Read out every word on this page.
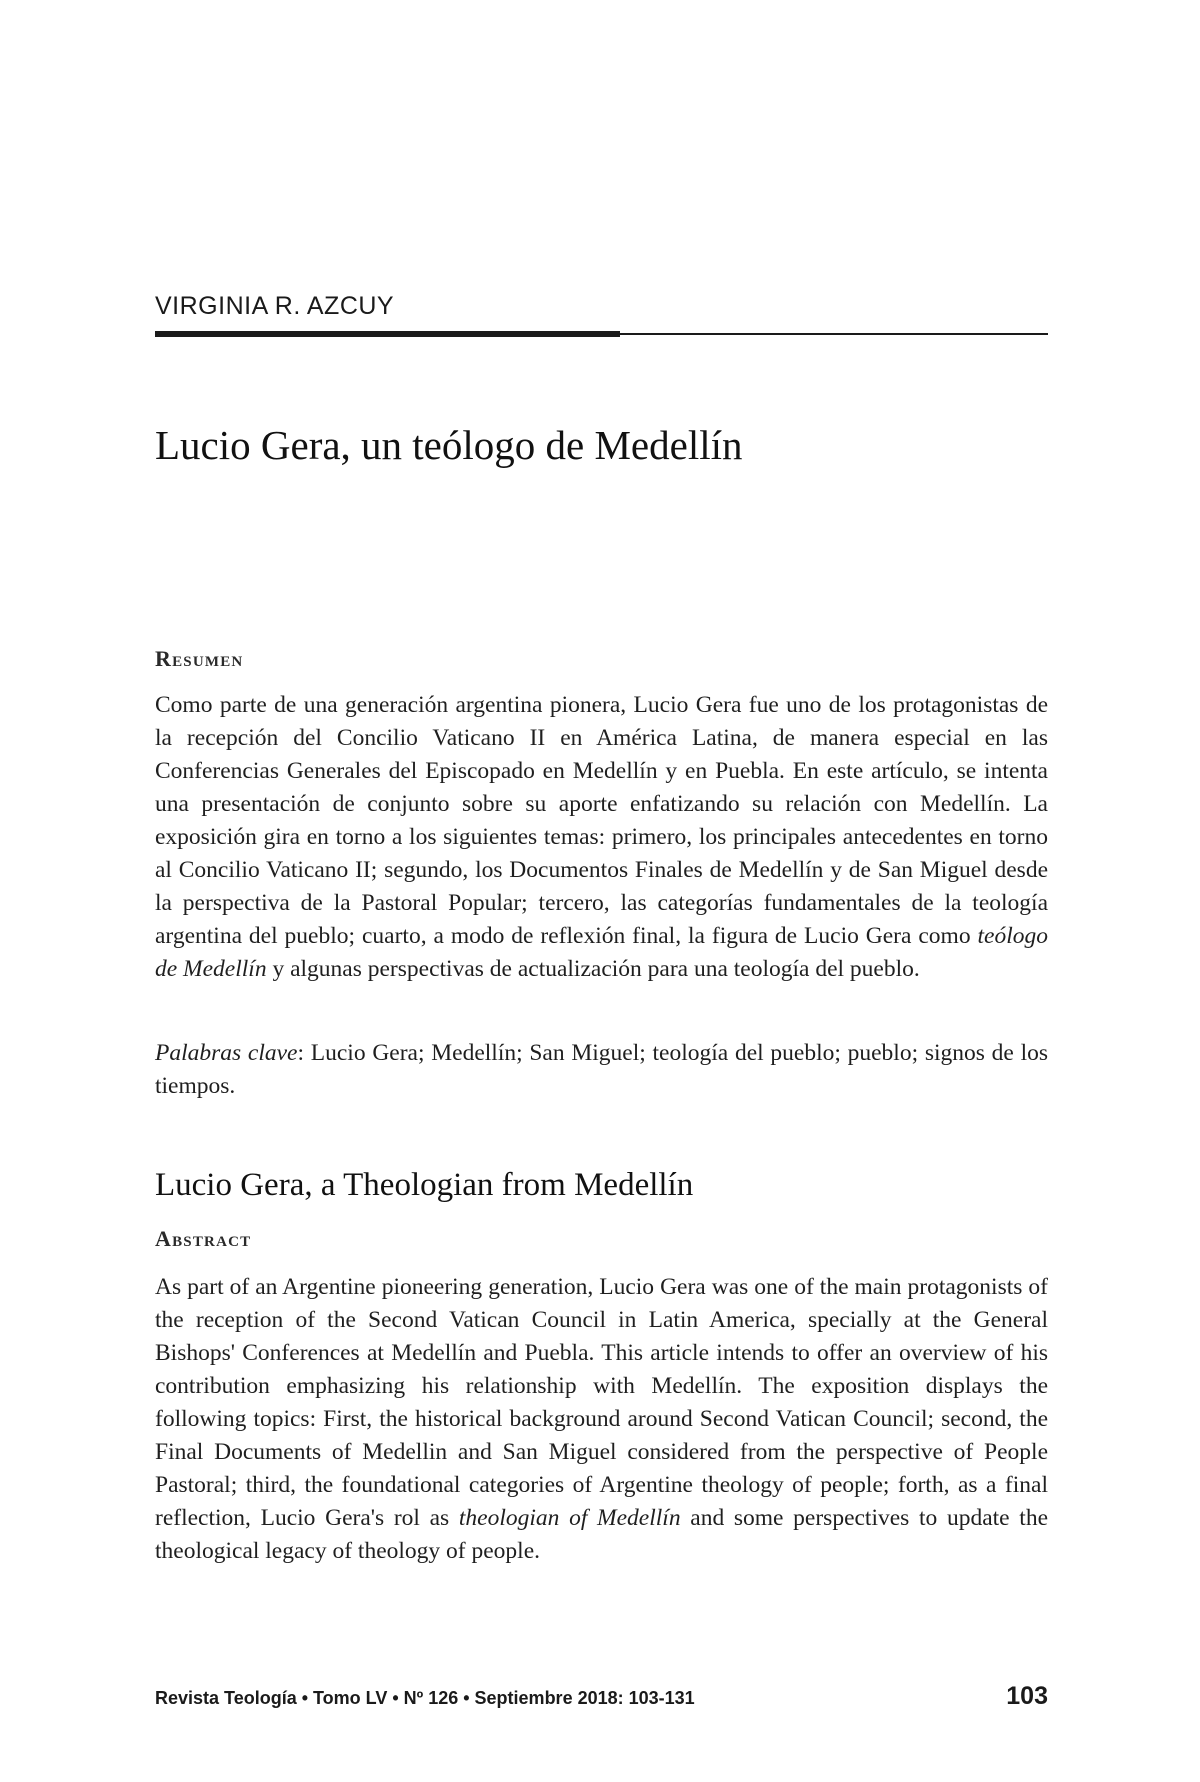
VIRGINIA R. AZCUY
Lucio Gera, un teólogo de Medellín
Resumen

Como parte de una generación argentina pionera, Lucio Gera fue uno de los protagonistas de la recepción del Concilio Vaticano II en América Latina, de manera especial en las Conferencias Generales del Episcopado en Medellín y en Puebla. En este artículo, se intenta una presentación de conjunto sobre su aporte enfatizando su relación con Medellín. La exposición gira en torno a los siguientes temas: primero, los principales antecedentes en torno al Concilio Vaticano II; segundo, los Documentos Finales de Medellín y de San Miguel desde la perspectiva de la Pastoral Popular; tercero, las categorías fundamentales de la teología argentina del pueblo; cuarto, a modo de reflexión final, la figura de Lucio Gera como teólogo de Medellín y algunas perspectivas de actualización para una teología del pueblo.

Palabras clave: Lucio Gera; Medellín; San Miguel; teología del pueblo; pueblo; signos de los tiempos.

Lucio Gera, a Theologian from Medellín
Abstract

As part of an Argentine pioneering generation, Lucio Gera was one of the main protagonists of the reception of the Second Vatican Council in Latin America, specially at the General Bishops' Conferences at Medellín and Puebla. This article intends to offer an overview of his contribution emphasizing his relationship with Medellín. The exposition displays the following topics: First, the historical background around Second Vatican Council; second, the Final Documents of Medellin and San Miguel considered from the perspective of People Pastoral; third, the foundational categories of Argentine theology of people; forth, as a final reflection, Lucio Gera's rol as theologian of Medellín and some perspectives to update the theological legacy of theology of people.

Revista Teología • Tomo LV • Nº 126 • Septiembre 2018: 103-131	103
